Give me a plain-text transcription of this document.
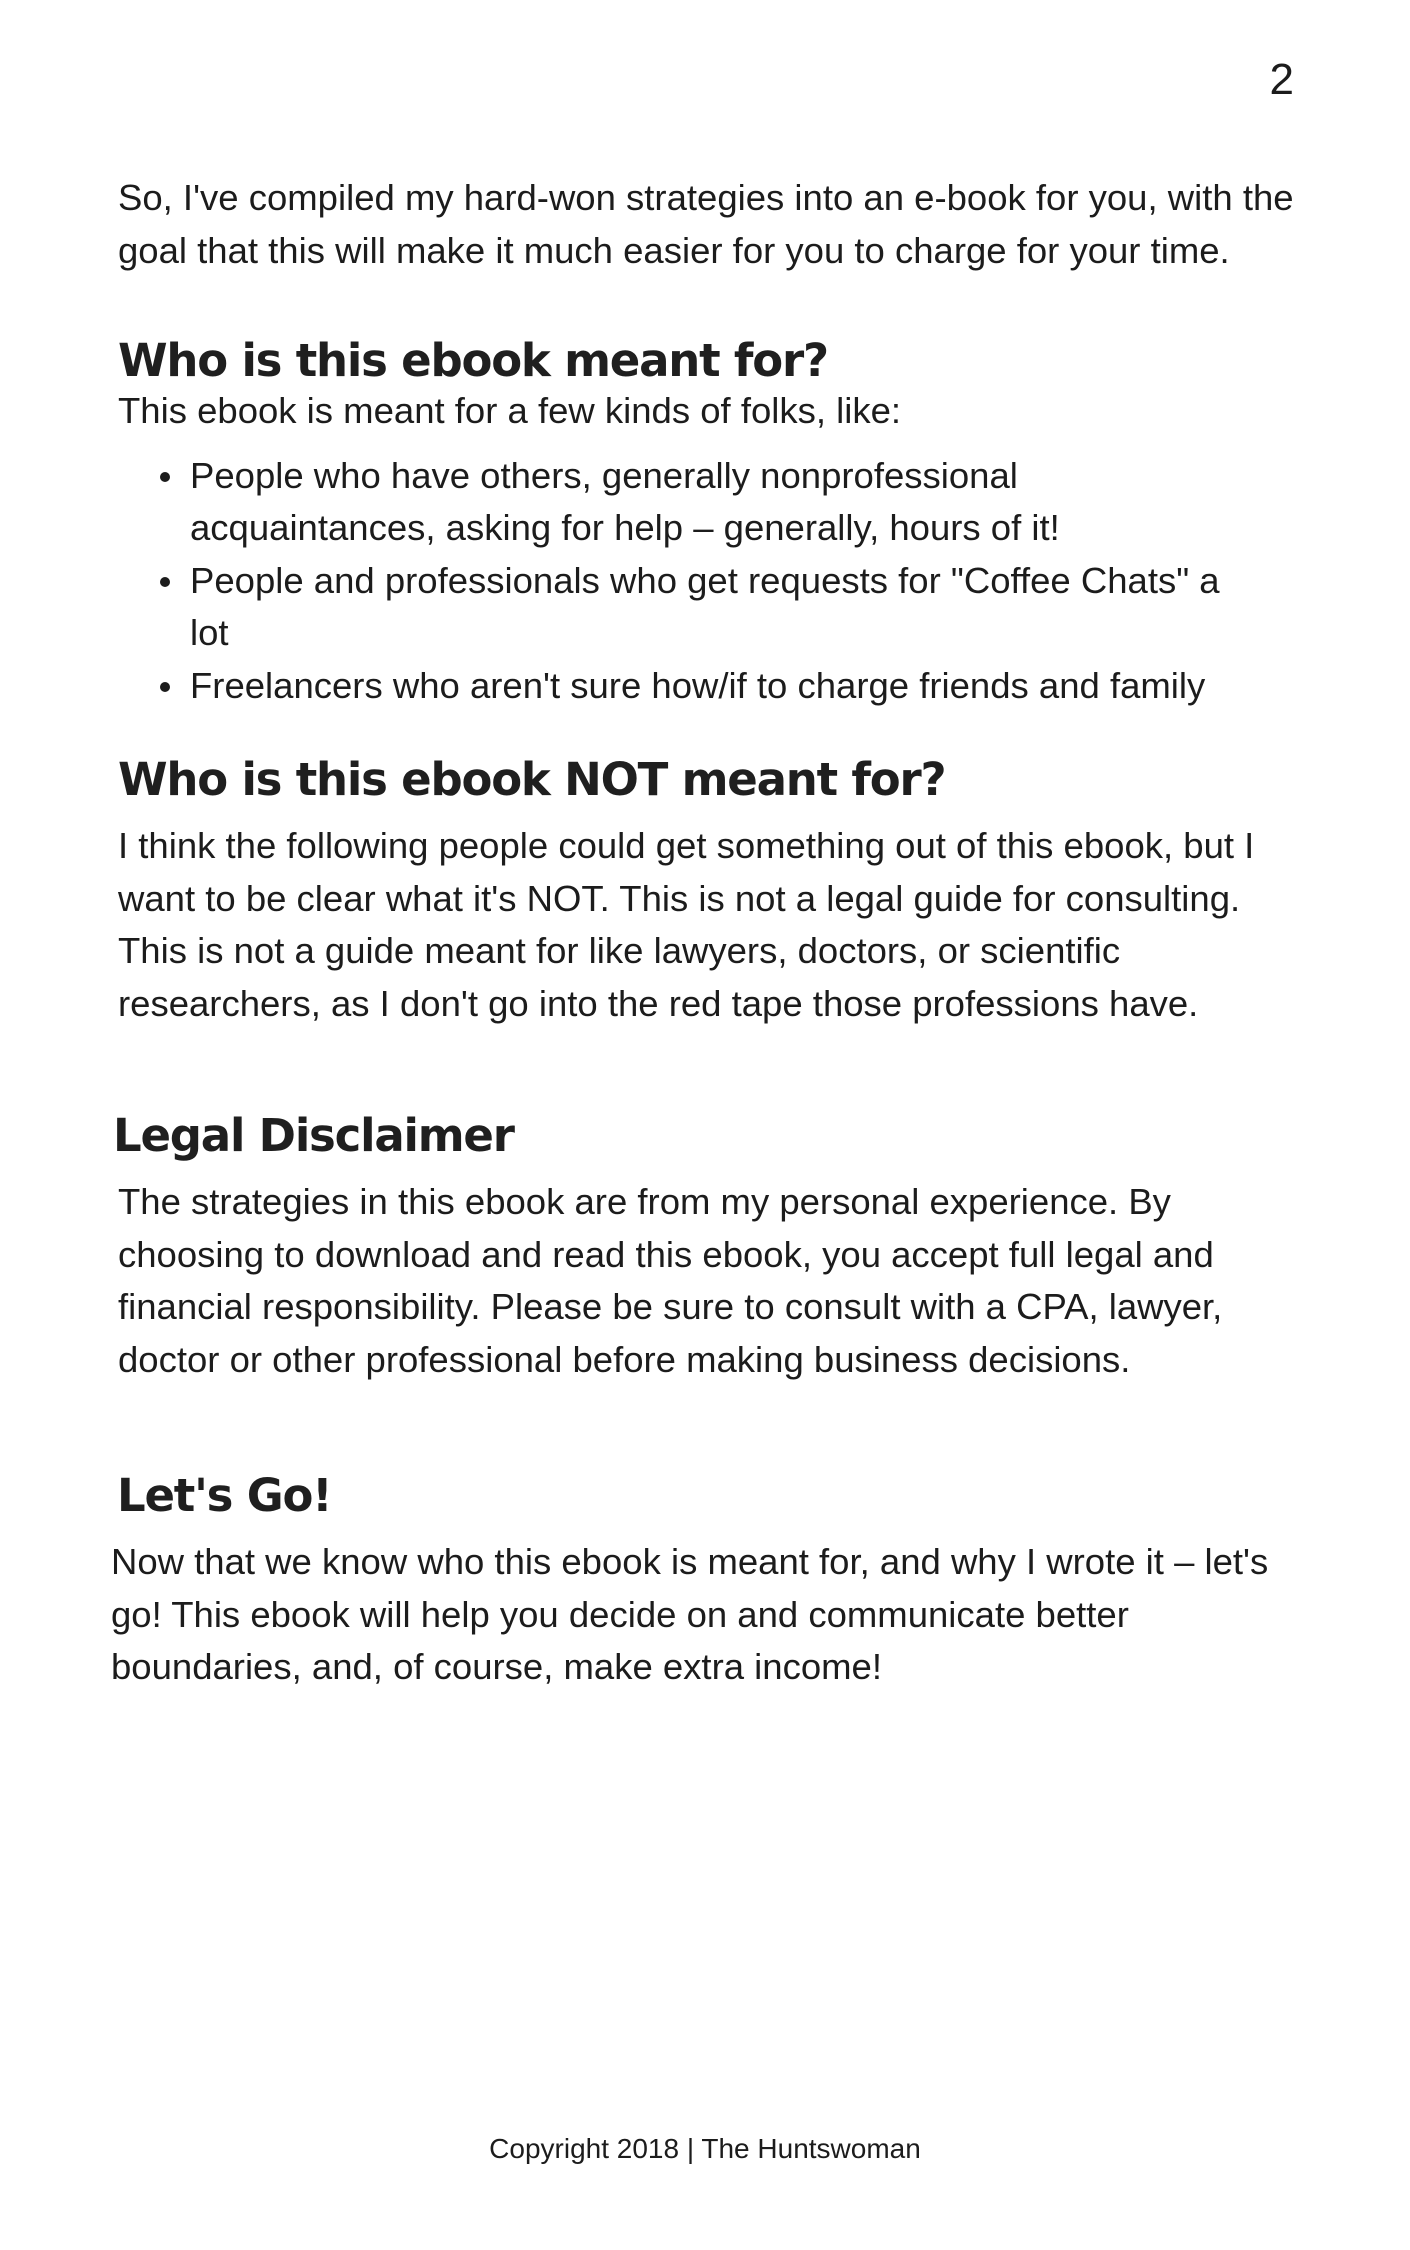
2

So, I've compiled my hard-won strategies into an e-book for you, with the goal that this will make it much easier for you to charge for your time.

Who is this ebook meant for?

This ebook is meant for a few kinds of folks, like:

People who have others, generally nonprofessional acquaintances, asking for help – generally, hours of it!
People and professionals who get requests for "Coffee Chats" a lot
Freelancers who aren't sure how/if to charge friends and family
Who is this ebook NOT meant for?

I think the following people could get something out of this ebook, but I want to be clear what it's NOT. This is not a legal guide for consulting. This is not a guide meant for like lawyers, doctors, or scientific researchers, as I don't go into the red tape those professions have.

Legal Disclaimer

The strategies in this ebook are from my personal experience. By choosing to download and read this ebook, you accept full legal and financial responsibility. Please be sure to consult with a CPA, lawyer, doctor or other professional before making business decisions.

Let's Go!

Now that we know who this ebook is meant for, and why I wrote it – let's go! This ebook will help you decide on and communicate better boundaries, and, of course, make extra income!

Copyright 2018 | The Huntswoman
